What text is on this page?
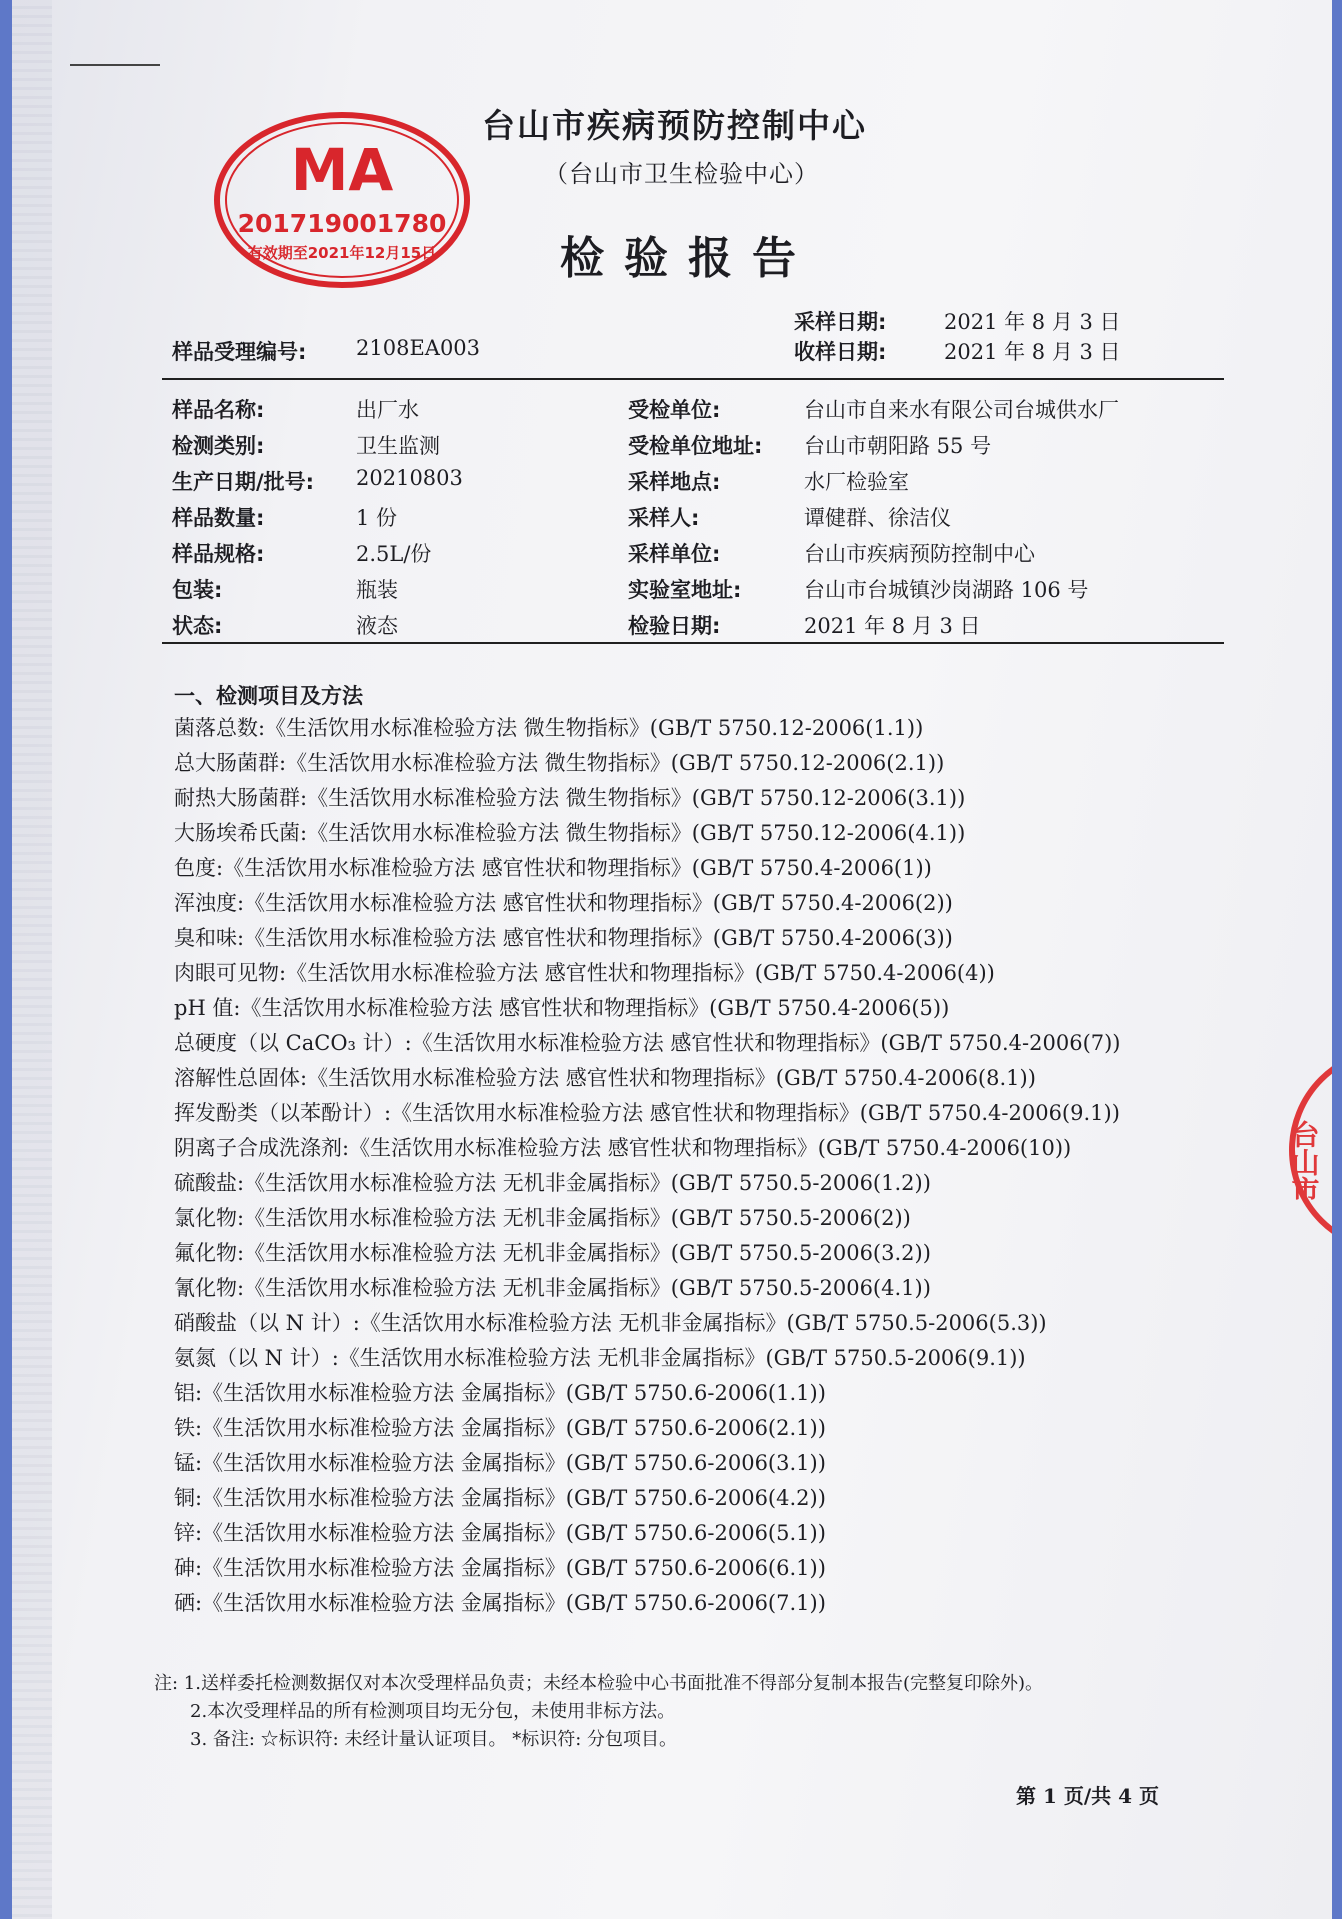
MA
201719001780
有效期至2021年12月15日
台山市
台山市疾病预防控制中心
（台山市卫生检验中心）
检验报告
采样日期:	2021 年 8 月 3 日
样品受理编号: 2108EA003	收样日期:	2021 年 8 月 3 日
样品名称:	出厂水	受检单位:	台山市自来水有限公司台城供水厂
检测类别:	卫生监测	受检单位地址: 台山市朝阳路 55 号
生产日期/批号: 20210803	采样地点:	水厂检验室
样品数量:	1 份	采样人:	谭健群、徐洁仪
样品规格:	2.5L/份	采样单位:	台山市疾病预防控制中心
包装:	瓶装	实验室地址:	台山市台城镇沙岗湖路 106 号
状态:	液态	检验日期:	2021 年 8 月 3 日
一、检测项目及方法
菌落总数:《生活饮用水标准检验方法 微生物指标》(GB/T 5750.12-2006(1.1))
总大肠菌群:《生活饮用水标准检验方法 微生物指标》(GB/T 5750.12-2006(2.1))
耐热大肠菌群:《生活饮用水标准检验方法 微生物指标》(GB/T 5750.12-2006(3.1))
大肠埃希氏菌:《生活饮用水标准检验方法 微生物指标》(GB/T 5750.12-2006(4.1))
色度:《生活饮用水标准检验方法 感官性状和物理指标》(GB/T 5750.4-2006(1))
浑浊度:《生活饮用水标准检验方法 感官性状和物理指标》(GB/T 5750.4-2006(2))
臭和味:《生活饮用水标准检验方法 感官性状和物理指标》(GB/T 5750.4-2006(3))
肉眼可见物:《生活饮用水标准检验方法 感官性状和物理指标》(GB/T 5750.4-2006(4))
pH 值:《生活饮用水标准检验方法 感官性状和物理指标》(GB/T 5750.4-2006(5))
总硬度（以 CaCO₃ 计）:《生活饮用水标准检验方法 感官性状和物理指标》(GB/T 5750.4-2006(7))
溶解性总固体:《生活饮用水标准检验方法 感官性状和物理指标》(GB/T 5750.4-2006(8.1))
挥发酚类（以苯酚计）:《生活饮用水标准检验方法 感官性状和物理指标》(GB/T 5750.4-2006(9.1))
阴离子合成洗涤剂:《生活饮用水标准检验方法 感官性状和物理指标》(GB/T 5750.4-2006(10))
硫酸盐:《生活饮用水标准检验方法 无机非金属指标》(GB/T 5750.5-2006(1.2))
氯化物:《生活饮用水标准检验方法 无机非金属指标》(GB/T 5750.5-2006(2))
氟化物:《生活饮用水标准检验方法 无机非金属指标》(GB/T 5750.5-2006(3.2))
氰化物:《生活饮用水标准检验方法 无机非金属指标》(GB/T 5750.5-2006(4.1))
硝酸盐（以 N 计）:《生活饮用水标准检验方法 无机非金属指标》(GB/T 5750.5-2006(5.3))
氨氮（以 N 计）:《生活饮用水标准检验方法 无机非金属指标》(GB/T 5750.5-2006(9.1))
铝:《生活饮用水标准检验方法 金属指标》(GB/T 5750.6-2006(1.1))
铁:《生活饮用水标准检验方法 金属指标》(GB/T 5750.6-2006(2.1))
锰:《生活饮用水标准检验方法 金属指标》(GB/T 5750.6-2006(3.1))
铜:《生活饮用水标准检验方法 金属指标》(GB/T 5750.6-2006(4.2))
锌:《生活饮用水标准检验方法 金属指标》(GB/T 5750.6-2006(5.1))
砷:《生活饮用水标准检验方法 金属指标》(GB/T 5750.6-2006(6.1))
硒:《生活饮用水标准检验方法 金属指标》(GB/T 5750.6-2006(7.1))
注: 1.送样委托检测数据仅对本次受理样品负责；未经本检验中心书面批准不得部分复制本报告(完整复印除外)。
2.本次受理样品的所有检测项目均无分包，未使用非标方法。
3. 备注: ☆标识符: 未经计量认证项目。 *标识符: 分包项目。
第 1 页/共 4 页
